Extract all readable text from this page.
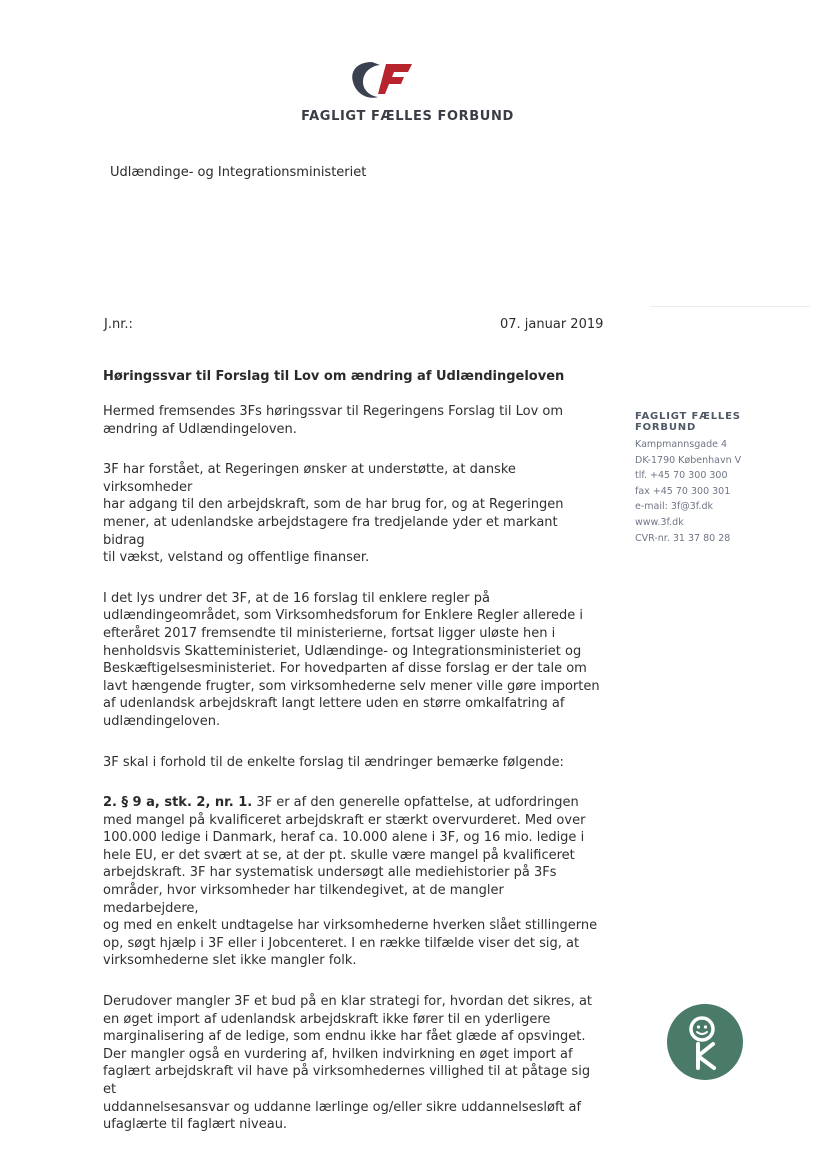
FAGLIGT FÆLLES FORBUND
Udlændinge- og Integrationsministeriet
J.nr.:	07. januar 2019
Høringssvar til Forslag til Lov om ændring af Udlændingeloven

Hermed fremsendes 3Fs høringssvar til Regeringens Forslag til Lov om
ændring af Udlændingeloven.

3F har forstået, at Regeringen ønsker at understøtte, at danske virksomheder
har adgang til den arbejdskraft, som de har brug for, og at Regeringen
mener, at udenlandske arbejdstagere fra tredjelande yder et markant bidrag
til vækst, velstand og offentlige finanser.

I det lys undrer det 3F, at de 16 forslag til enklere regler på
udlændingeområdet, som Virksomhedsforum for Enklere Regler allerede i
efteråret 2017 fremsendte til ministerierne, fortsat ligger uløste hen i
henholdsvis Skatteministeriet, Udlændinge- og Integrationsministeriet og
Beskæftigelsesministeriet. For hovedparten af disse forslag er der tale om
lavt hængende frugter, som virksomhederne selv mener ville gøre importen
af udenlandsk arbejdskraft langt lettere uden en større omkalfatring af
udlændingeloven.

3F skal i forhold til de enkelte forslag til ændringer bemærke følgende:

2. § 9 a, stk. 2, nr. 1. 3F er af den generelle opfattelse, at udfordringen
med mangel på kvalificeret arbejdskraft er stærkt overvurderet. Med over
100.000 ledige i Danmark, heraf ca. 10.000 alene i 3F, og 16 mio. ledige i
hele EU, er det svært at se, at der pt. skulle være mangel på kvalificeret
arbejdskraft. 3F har systematisk undersøgt alle mediehistorier på 3Fs
områder, hvor virksomheder har tilkendegivet, at de mangler medarbejdere,
og med en enkelt undtagelse har virksomhederne hverken slået stillingerne
op, søgt hjælp i 3F eller i Jobcenteret. I en række tilfælde viser det sig, at
virksomhederne slet ikke mangler folk.

Derudover mangler 3F et bud på en klar strategi for, hvordan det sikres, at
en øget import af udenlandsk arbejdskraft ikke fører til en yderligere
marginalisering af de ledige, som endnu ikke har fået glæde af opsvinget.
Der mangler også en vurdering af, hvilken indvirkning en øget import af
faglært arbejdskraft vil have på virksomhedernes villighed til at påtage sig et
uddannelsesansvar og uddanne lærlinge og/eller sikre uddannelsesløft af
ufaglærte til faglært niveau.

FAGLIGT FÆLLES FORBUND
Kampmannsgade 4
DK-1790 København V
tlf. +45 70 300 300
fax +45 70 300 301
e-mail: 3f@3f.dk
www.3f.dk
CVR-nr. 31 37 80 28
